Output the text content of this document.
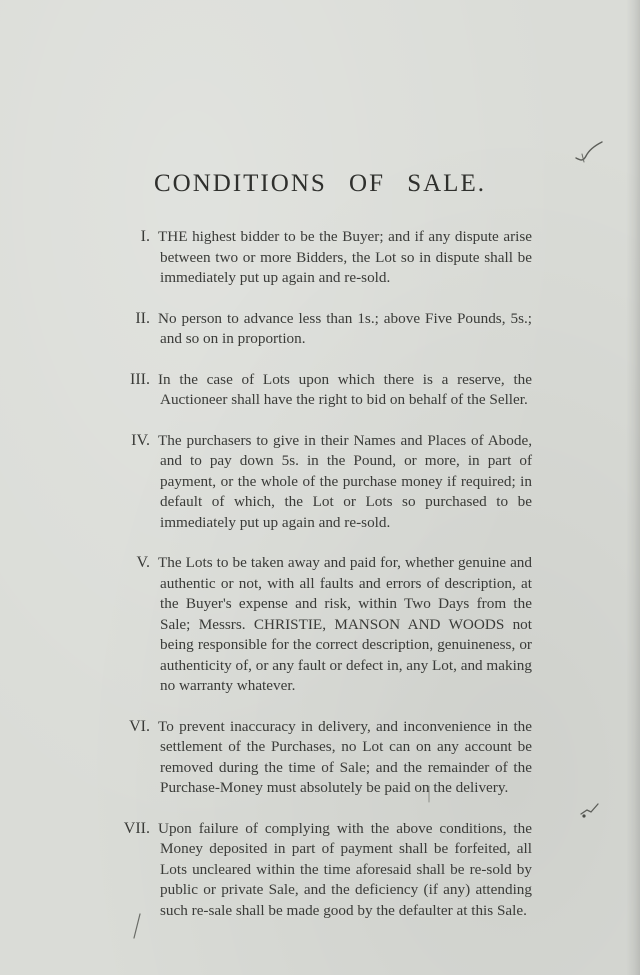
CONDITIONS OF SALE.
I. THE highest bidder to be the Buyer; and if any dispute arise between two or more Bidders, the Lot so in dispute shall be immediately put up again and re-sold.
II. No person to advance less than 1s.; above Five Pounds, 5s.; and so on in proportion.
III. In the case of Lots upon which there is a reserve, the Auctioneer shall have the right to bid on behalf of the Seller.
IV. The purchasers to give in their Names and Places of Abode, and to pay down 5s. in the Pound, or more, in part of payment, or the whole of the purchase money if required; in default of which, the Lot or Lots so purchased to be immediately put up again and re-sold.
V. The Lots to be taken away and paid for, whether genuine and authentic or not, with all faults and errors of description, at the Buyer's expense and risk, within Two Days from the Sale; Messrs. CHRISTIE, MANSON AND WOODS not being responsible for the correct description, genuineness, or authenticity of, or any fault or defect in, any Lot, and making no warranty whatever.
VI. To prevent inaccuracy in delivery, and inconvenience in the settlement of the Purchases, no Lot can on any account be removed during the time of Sale; and the remainder of the Purchase-Money must absolutely be paid on the delivery.
VII. Upon failure of complying with the above conditions, the Money deposited in part of payment shall be forfeited, all Lots uncleared within the time aforesaid shall be re-sold by public or private Sale, and the deficiency (if any) attending such re-sale shall be made good by the defaulter at this Sale.
